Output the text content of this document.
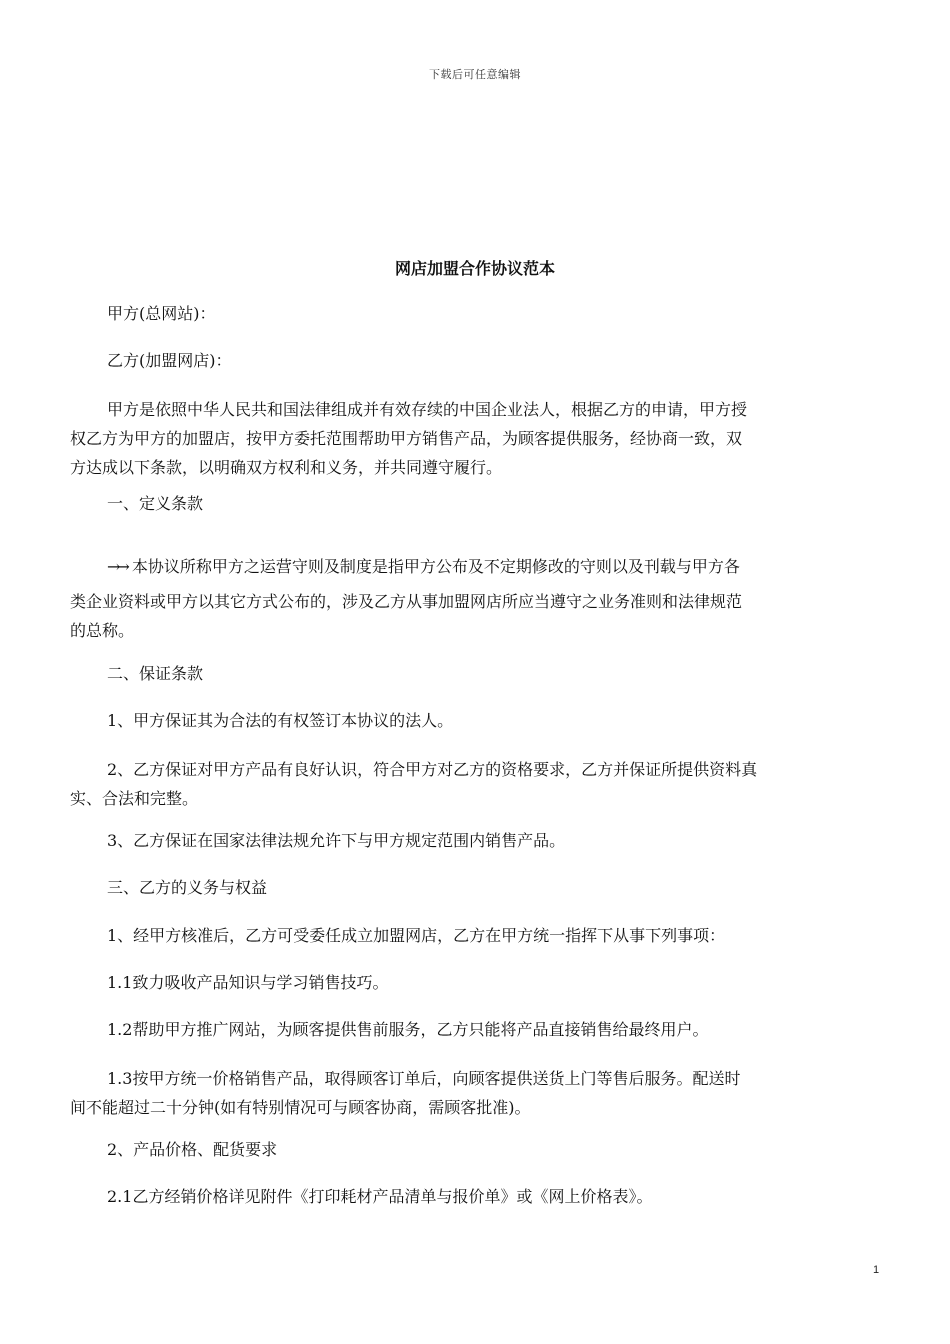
下载后可任意编辑
网店加盟合作协议范本
甲方(总网站)：
乙方(加盟网店)：
甲方是依照中华人民共和国法律组成并有效存续的中国企业法人，根据乙方的申请，甲方授
权乙方为甲方的加盟店，按甲方委托范围帮助甲方销售产品，为顾客提供服务，经协商一致，双
方达成以下条款，以明确双方权利和义务，并共同遵守履行。
一、定义条款
→→ 本协议所称甲方之运营守则及制度是指甲方公布及不定期修改的守则以及刊载与甲方各
类企业资料或甲方以其它方式公布的，涉及乙方从事加盟网店所应当遵守之业务准则和法律规范
的总称。
二、保证条款
1、甲方保证其为合法的有权签订本协议的法人。
2、乙方保证对甲方产品有良好认识，符合甲方对乙方的资格要求，乙方并保证所提供资料真
实、合法和完整。
3、乙方保证在国家法律法规允许下与甲方规定范围内销售产品。
三、乙方的义务与权益
1、经甲方核准后，乙方可受委任成立加盟网店，乙方在甲方统一指挥下从事下列事项：
1.1致力吸收产品知识与学习销售技巧。
1.2帮助甲方推广网站，为顾客提供售前服务，乙方只能将产品直接销售给最终用户。
1.3按甲方统一价格销售产品，取得顾客订单后，向顾客提供送货上门等售后服务。配送时
间不能超过二十分钟(如有特别情况可与顾客协商，需顾客批准)。
2、产品价格、配货要求
2.1乙方经销价格详见附件《打印耗材产品清单与报价单》或《网上价格表》。
1
